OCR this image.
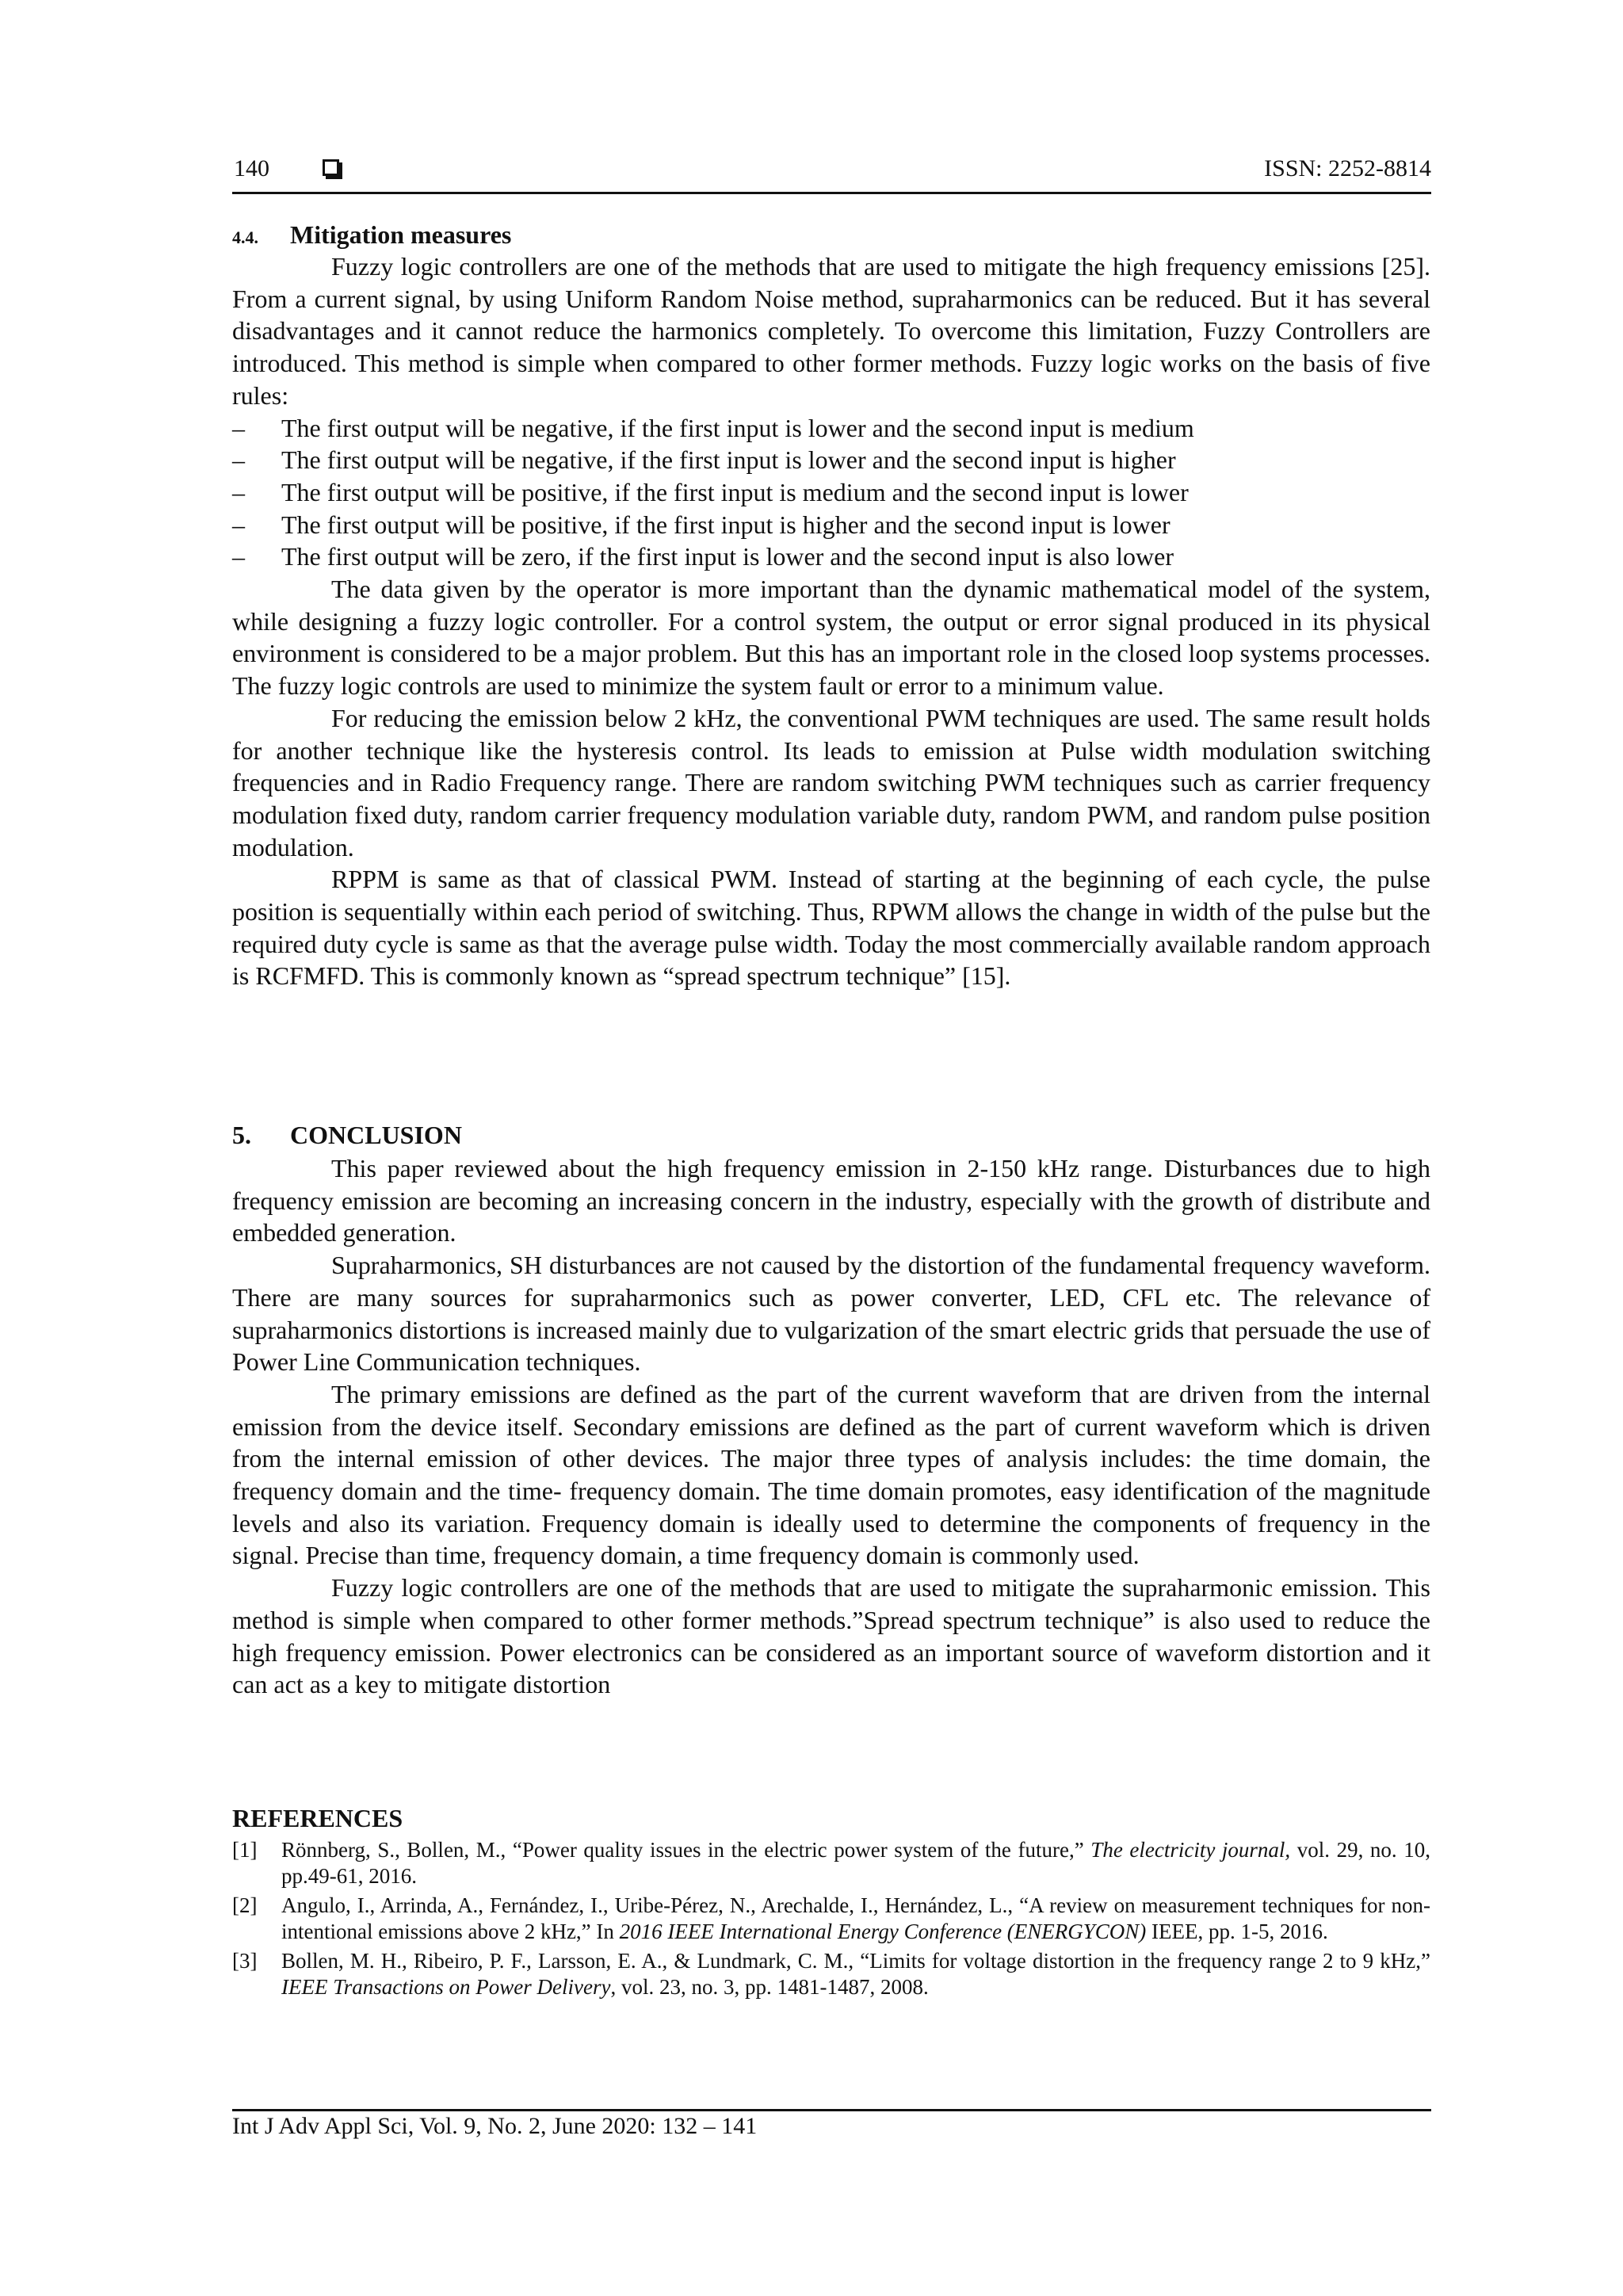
140	ISSN: 2252-8814
4.4. Mitigation measures

Fuzzy logic controllers are one of the methods that are used to mitigate the high frequency emissions [25]. From a current signal, by using Uniform Random Noise method, supraharmonics can be reduced. But it has several disadvantages and it cannot reduce the harmonics completely. To overcome this limitation, Fuzzy Controllers are introduced. This method is simple when compared to other former methods. Fuzzy logic works on the basis of five rules:

– The first output will be negative, if the first input is lower and the second input is medium
– The first output will be negative, if the first input is lower and the second input is higher
– The first output will be positive, if the first input is medium and the second input is lower
– The first output will be positive, if the first input is higher and the second input is lower
– The first output will be zero, if the first input is lower and the second input is also lower

The data given by the operator is more important than the dynamic mathematical model of the system, while designing a fuzzy logic controller. For a control system, the output or error signal produced in its physical environment is considered to be a major problem. But this has an important role in the closed loop systems processes. The fuzzy logic controls are used to minimize the system fault or error to a minimum value.

For reducing the emission below 2 kHz, the conventional PWM techniques are used. The same result holds for another technique like the hysteresis control. Its leads to emission at Pulse width modulation switching frequencies and in Radio Frequency range. There are random switching PWM techniques such as carrier frequency modulation fixed duty, random carrier frequency modulation variable duty, random PWM, and random pulse position modulation.

RPPM is same as that of classical PWM. Instead of starting at the beginning of each cycle, the pulse position is sequentially within each period of switching. Thus, RPWM allows the change in width of the pulse but the required duty cycle is same as that the average pulse width. Today the most commercially available random approach is RCFMFD. This is commonly known as “spread spectrum technique” [15].

5. CONCLUSION

This paper reviewed about the high frequency emission in 2-150 kHz range. Disturbances due to high frequency emission are becoming an increasing concern in the industry, especially with the growth of distribute and embedded generation.

Supraharmonics, SH disturbances are not caused by the distortion of the fundamental frequency waveform. There are many sources for supraharmonics such as power converter, LED, CFL etc. The relevance of supraharmonics distortions is increased mainly due to vulgarization of the smart electric grids that persuade the use of Power Line Communication techniques.

The primary emissions are defined as the part of the current waveform that are driven from the internal emission from the device itself. Secondary emissions are defined as the part of current waveform which is driven from the internal emission of other devices. The major three types of analysis includes: the time domain, the frequency domain and the time- frequency domain. The time domain promotes, easy identification of the magnitude levels and also its variation. Frequency domain is ideally used to determine the components of frequency in the signal. Precise than time, frequency domain, a time frequency domain is commonly used.

Fuzzy logic controllers are one of the methods that are used to mitigate the supraharmonic emission. This method is simple when compared to other former methods.”Spread spectrum technique” is also used to reduce the high frequency emission. Power electronics can be considered as an important source of waveform distortion and it can act as a key to mitigate distortion

REFERENCES
[1] Rönnberg, S., Bollen, M., “Power quality issues in the electric power system of the future,” The electricity journal, vol. 29, no. 10, pp.49-61, 2016.
[2] Angulo, I., Arrinda, A., Fernández, I., Uribe-Pérez, N., Arechalde, I., Hernández, L., “A review on measurement techniques for non-intentional emissions above 2 kHz,” In 2016 IEEE International Energy Conference (ENERGYCON) IEEE, pp. 1-5, 2016.
[3] Bollen, M. H., Ribeiro, P. F., Larsson, E. A., & Lundmark, C. M., “Limits for voltage distortion in the frequency range 2 to 9 kHz,” IEEE Transactions on Power Delivery, vol. 23, no. 3, pp. 1481-1487, 2008.
Int J Adv Appl Sci, Vol. 9, No. 2, June 2020: 132 – 141
